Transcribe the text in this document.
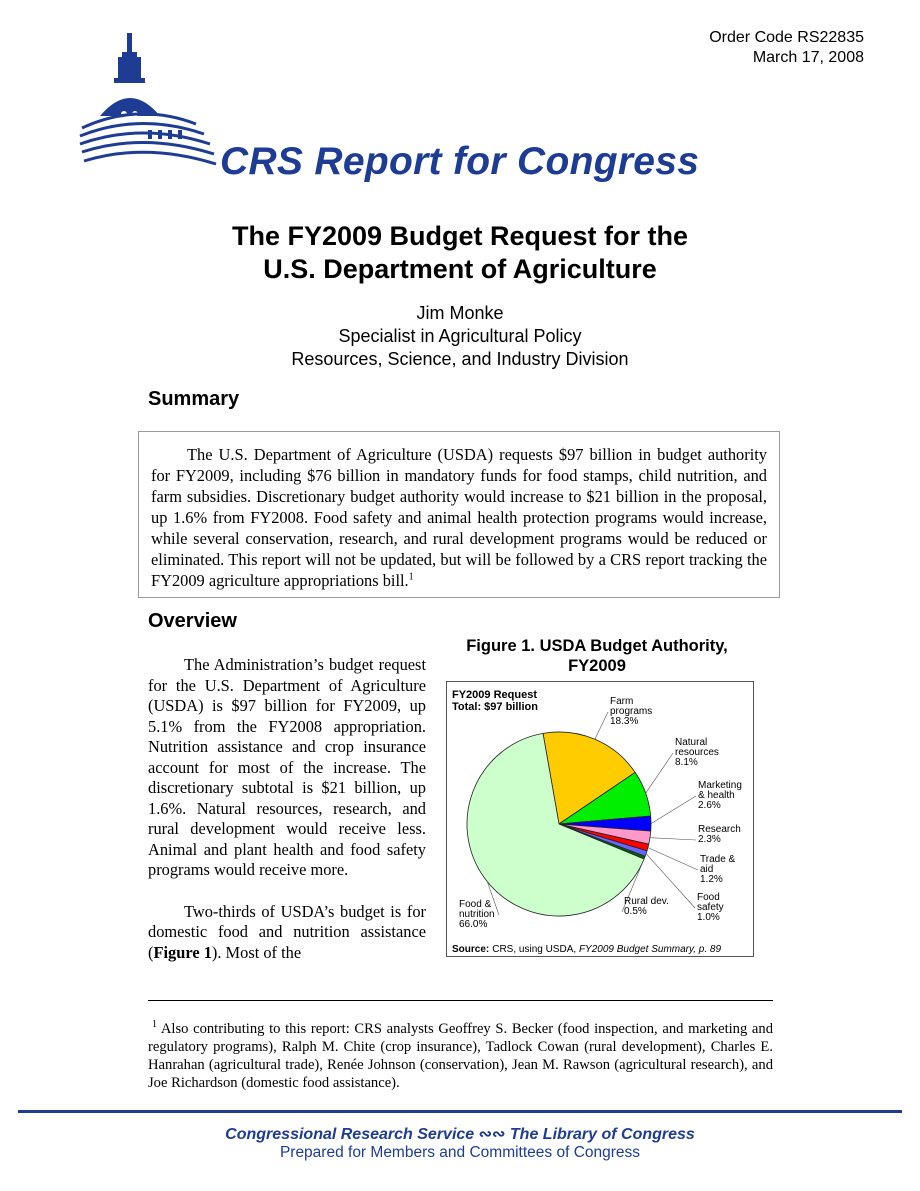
Order Code RS22835
March 17, 2008
CRS Report for Congress
The FY2009 Budget Request for the
U.S. Department of Agriculture
Jim Monke
Specialist in Agricultural Policy
Resources, Science, and Industry Division
Summary

The U.S. Department of Agriculture (USDA) requests $97 billion in budget authority for FY2009, including $76 billion in mandatory funds for food stamps, child nutrition, and farm subsidies. Discretionary budget authority would increase to $21 billion in the proposal, up 1.6% from FY2008. Food safety and animal health protection programs would increase, while several conservation, research, and rural development programs would be reduced or eliminated. This report will not be updated, but will be followed by a CRS report tracking the FY2009 agriculture appropriations bill.$^1$

Overview

The Administration’s budget request for the U.S. Department of Agriculture (USDA) is $97 billion for FY2009, up 5.1% from the FY2008 appropriation. Nutrition assistance and crop insurance account for most of the increase. The discretionary subtotal is $21 billion, up 1.6%. Natural resources, research, and rural development would receive less. Animal and plant health and food safety programs would receive more.

Two-thirds of USDA’s budget is for domestic food and nutrition assistance (Figure 1). Most of the

Figure 1. USDA Budget Authority,
FY2009
FY2009 Request
Total: $97 billion	Farm programs 18.3%
Natural resources 8.1%
Marketing & health 2.6%
Research 2.3%
Trade & aid 1.2%
Food safety 1.0%
Rural dev. 0.5%
Food & nutrition 66.0%
Source: CRS, using USDA, FY2009 Budget Summary, p. 89

$^1$ Also contributing to this report: CRS analysts Geoffrey S. Becker (food inspection, and marketing and regulatory programs), Ralph M. Chite (crop insurance), Tadlock Cowan (rural development), Charles E. Hanrahan (agricultural trade), Renée Johnson (conservation), Jean M. Rawson (agricultural research), and Joe Richardson (domestic food assistance).

Congressional Research Service ∾∾ The Library of Congress
Prepared for Members and Committees of Congress
